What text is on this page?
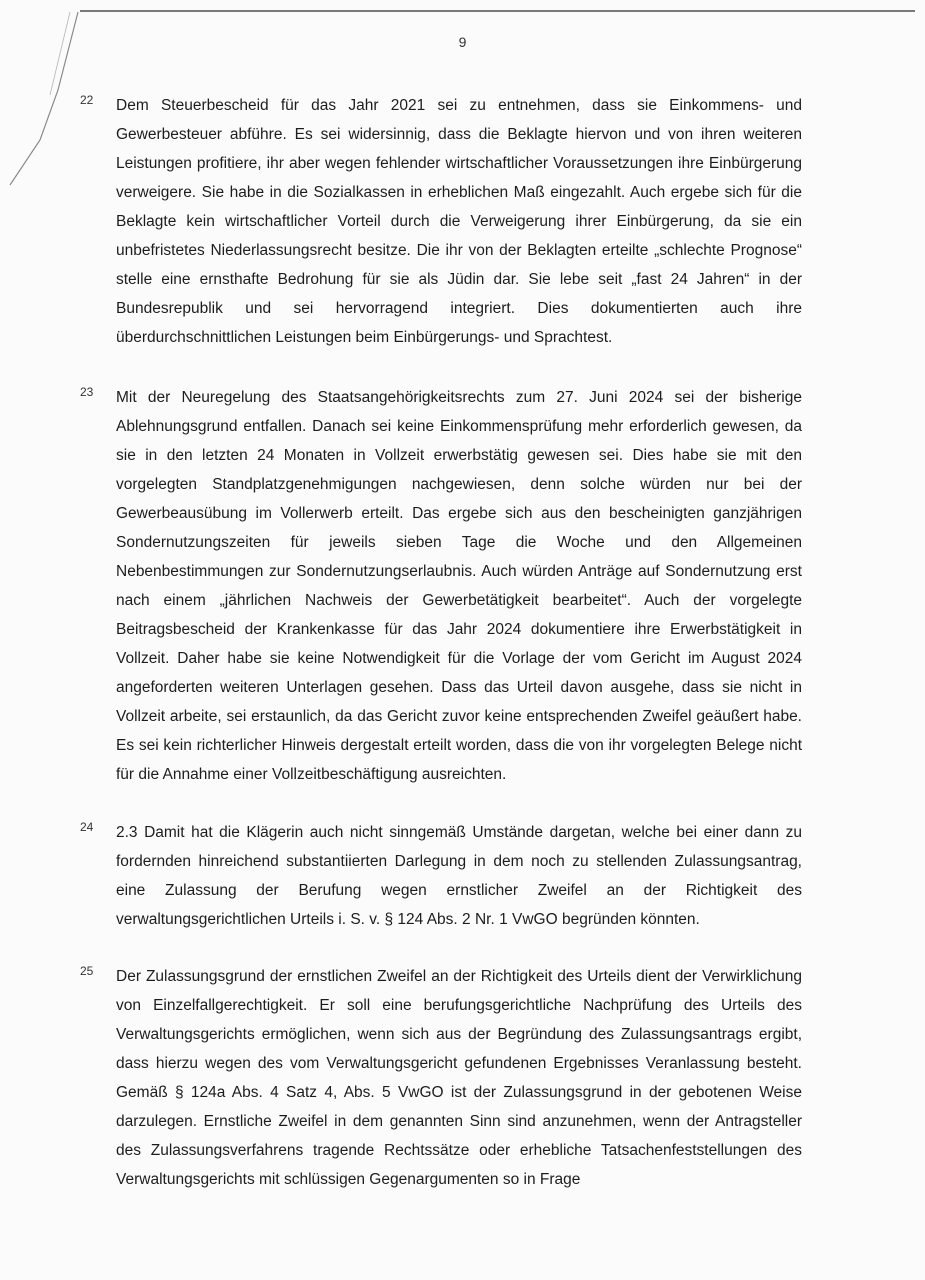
9
22 Dem Steuerbescheid für das Jahr 2021 sei zu entnehmen, dass sie Einkommens- und Gewerbesteuer abführe. Es sei widersinnig, dass die Beklagte hiervon und von ihren weiteren Leistungen profitiere, ihr aber wegen fehlender wirtschaftlicher Voraussetzungen ihre Einbürgerung verweigere. Sie habe in die Sozialkassen in erheblichen Maß eingezahlt. Auch ergebe sich für die Beklagte kein wirtschaftlicher Vorteil durch die Verweigerung ihrer Einbürgerung, da sie ein unbefristetes Niederlassungsrecht besitze. Die ihr von der Beklagten erteilte „schlechte Prognose“ stelle eine ernsthafte Bedrohung für sie als Jüdin dar. Sie lebe seit „fast 24 Jahren“ in der Bundesrepublik und sei hervorragend integriert. Dies dokumentierten auch ihre überdurchschnittlichen Leistungen beim Einbürgerungs- und Sprachtest.
23 Mit der Neuregelung des Staatsangehörigkeitsrechts zum 27. Juni 2024 sei der bisherige Ablehnungsgrund entfallen. Danach sei keine Einkommensprüfung mehr erforderlich gewesen, da sie in den letzten 24 Monaten in Vollzeit erwerbstätig gewesen sei. Dies habe sie mit den vorgelegten Standplatzgenehmigungen nachgewiesen, denn solche würden nur bei der Gewerbeausübung im Vollerwerb erteilt. Das ergebe sich aus den bescheinigten ganzjährigen Sondernutzungszeiten für jeweils sieben Tage die Woche und den Allgemeinen Nebenbestimmungen zur Sondernutzungserlaubnis. Auch würden Anträge auf Sondernutzung erst nach einem „jährlichen Nachweis der Gewerbetätigkeit bearbeitet“. Auch der vorgelegte Beitragsbescheid der Krankenkasse für das Jahr 2024 dokumentiere ihre Erwerbstätigkeit in Vollzeit. Daher habe sie keine Notwendigkeit für die Vorlage der vom Gericht im August 2024 angeforderten weiteren Unterlagen gesehen. Dass das Urteil davon ausgehe, dass sie nicht in Vollzeit arbeite, sei erstaunlich, da das Gericht zuvor keine entsprechenden Zweifel geäußert habe. Es sei kein richterlicher Hinweis dergestalt erteilt worden, dass die von ihr vorgelegten Belege nicht für die Annahme einer Vollzeitbeschäftigung ausreichten.
24 2.3 Damit hat die Klägerin auch nicht sinngemäß Umstände dargetan, welche bei einer dann zu fordernden hinreichend substantiierten Darlegung in dem noch zu stellenden Zulassungsantrag, eine Zulassung der Berufung wegen ernstlicher Zweifel an der Richtigkeit des verwaltungsgerichtlichen Urteils i. S. v. § 124 Abs. 2 Nr. 1 VwGO begründen könnten.
25 Der Zulassungsgrund der ernstlichen Zweifel an der Richtigkeit des Urteils dient der Verwirklichung von Einzelfallgerechtigkeit. Er soll eine berufungsgerichtliche Nachprüfung des Urteils des Verwaltungsgerichts ermöglichen, wenn sich aus der Begründung des Zulassungsantrags ergibt, dass hierzu wegen des vom Verwaltungsgericht gefundenen Ergebnisses Veranlassung besteht. Gemäß § 124a Abs. 4 Satz 4, Abs. 5 VwGO ist der Zulassungsgrund in der gebotenen Weise darzulegen. Ernstliche Zweifel in dem genannten Sinn sind anzunehmen, wenn der Antragsteller des Zulassungsverfahrens tragende Rechtssätze oder erhebliche Tatsachenfeststellungen des Verwaltungsgerichts mit schlüssigen Gegenargumenten so in Frage
